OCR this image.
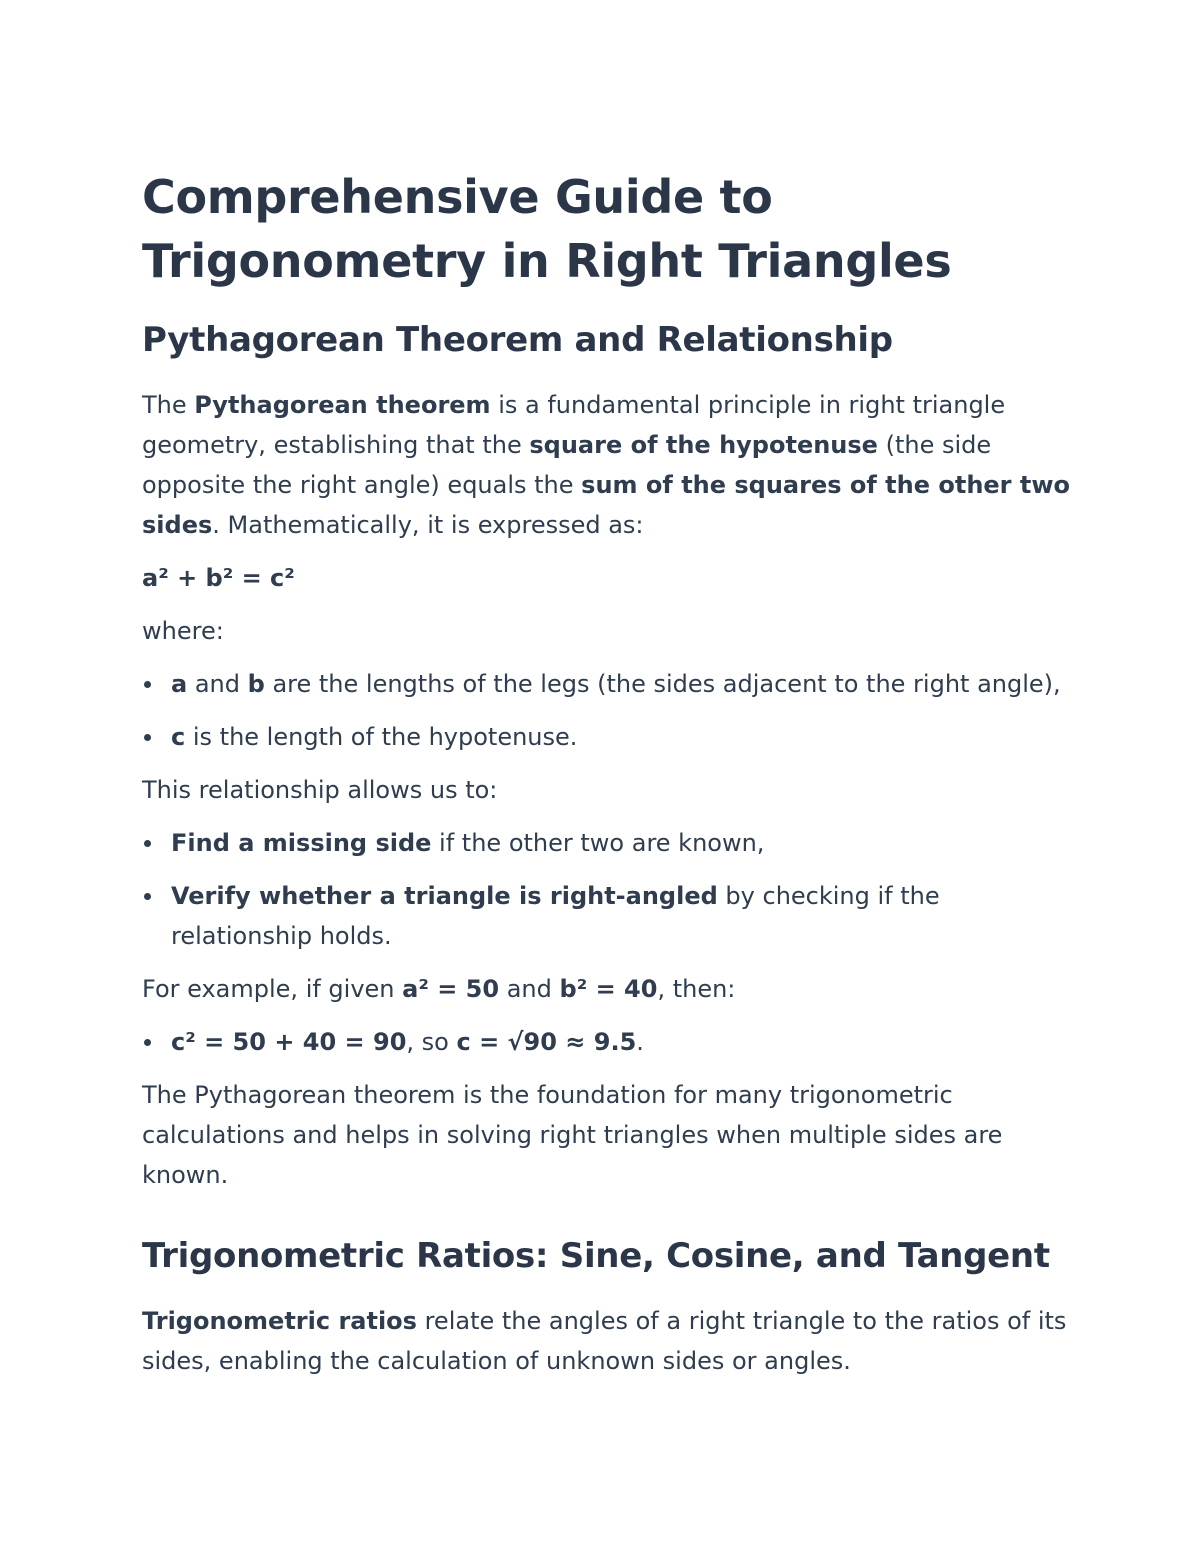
Comprehensive Guide to Trigonometry in Right Triangles
Pythagorean Theorem and Relationship

The Pythagorean theorem is a fundamental principle in right triangle geometry, establishing that the square of the hypotenuse (the side opposite the right angle) equals the sum of the squares of the other two sides. Mathematically, it is expressed as:

a² + b² = c²

where:

a and b are the lengths of the legs (the sides adjacent to the right angle),
c is the length of the hypotenuse.

This relationship allows us to:

Find a missing side if the other two are known,
Verify whether a triangle is right-angled by checking if the relationship holds.

For example, if given a² = 50 and b² = 40, then:

c² = 50 + 40 = 90, so c = √90 ≈ 9.5.

The Pythagorean theorem is the foundation for many trigonometric calculations and helps in solving right triangles when multiple sides are known.

Trigonometric Ratios: Sine, Cosine, and Tangent

Trigonometric ratios relate the angles of a right triangle to the ratios of its sides, enabling the calculation of unknown sides or angles.
